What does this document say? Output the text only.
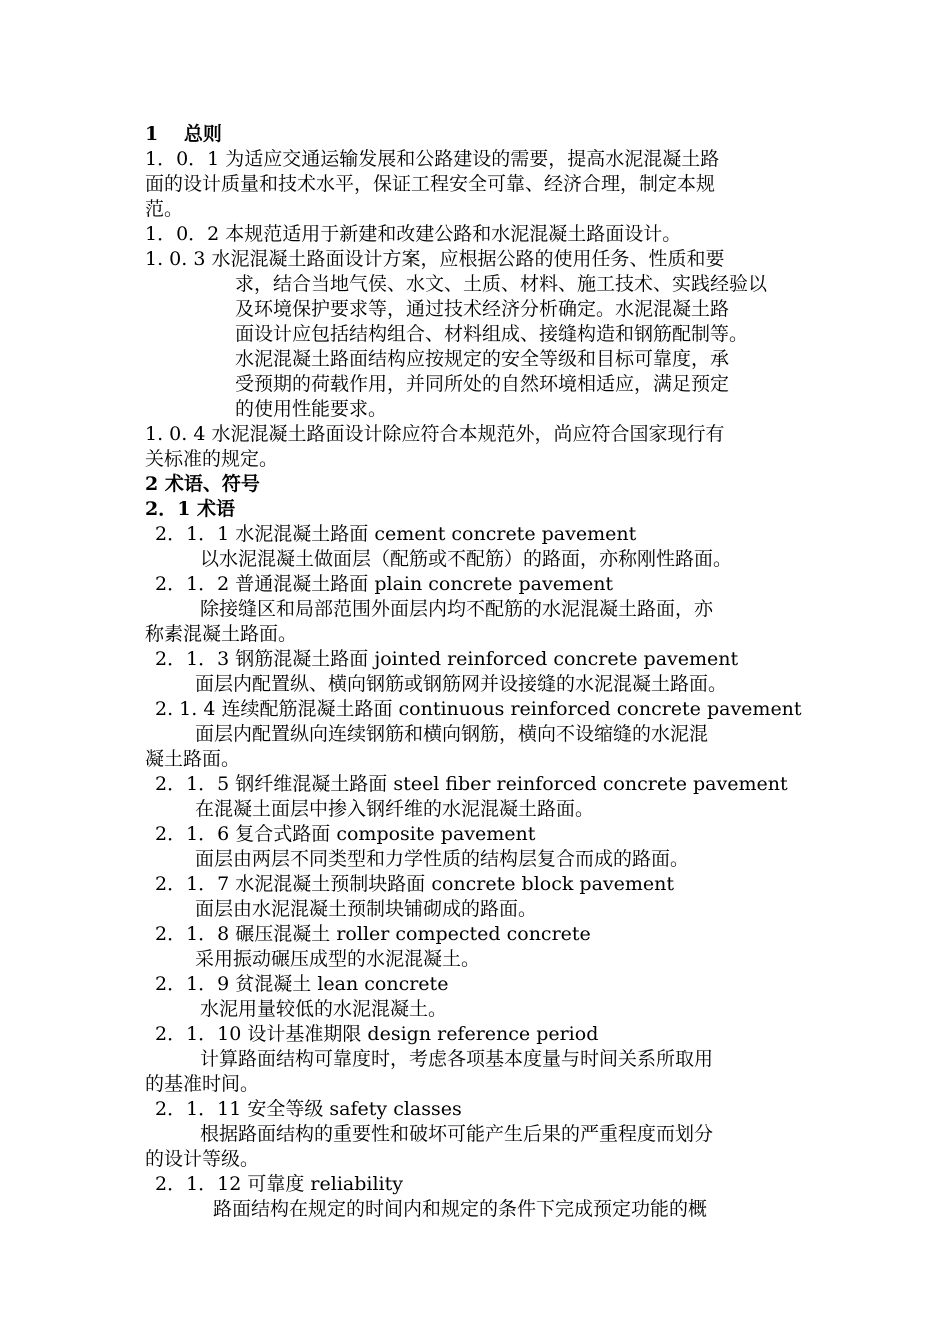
1　 总则
1．0．1 为适应交通运输发展和公路建设的需要，提高水泥混凝土路
面的设计质量和技术水平，保证工程安全可靠、经济合理，制定本规
范。
1．0．2 本规范适用于新建和改建公路和水泥混凝土路面设计。
1. 0. 3 水泥混凝土路面设计方案，应根据公路的使用任务、性质和要
求，结合当地气侯、水文、土质、材料、施工技术、实践经验以
及环境保护要求等，通过技术经济分析确定。水泥混凝土路
面设计应包括结构组合、材料组成、接缝构造和钢筋配制等。
水泥混凝土路面结构应按规定的安全等级和目标可靠度，承
受预期的荷载作用，并同所处的自然环境相适应，满足预定
的使用性能要求。
1. 0. 4 水泥混凝土路面设计除应符合本规范外，尚应符合国家现行有
关标准的规定。
2 术语、符号
2．1 术语
2．1．1 水泥混凝土路面 cement concrete pavement
以水泥混凝土做面层（配筋或不配筋）的路面，亦称刚性路面。
2．1．2 普通混凝土路面 plain concrete pavement
除接缝区和局部范围外面层内均不配筋的水泥混凝土路面，亦
称素混凝土路面。
2．1．3 钢筋混凝土路面 jointed reinforced concrete pavement
面层内配置纵、横向钢筋或钢筋网并设接缝的水泥混凝土路面。
2. 1. 4 连续配筋混凝土路面 continuous reinforced concrete pavement
面层内配置纵向连续钢筋和横向钢筋，横向不设缩缝的水泥混
凝土路面。
2．1．5 钢纤维混凝土路面 steel fiber reinforced concrete pavement
在混凝土面层中掺入钢纤维的水泥混凝土路面。
2．1．6 复合式路面 composite pavement
面层由两层不同类型和力学性质的结构层复合而成的路面。
2．1．7 水泥混凝土预制块路面 concrete block pavement
面层由水泥混凝土预制块铺砌成的路面。
2．1．8 碾压混凝土 roller compected concrete
采用振动碾压成型的水泥混凝土。
2．1．9 贫混凝土 lean concrete
水泥用量较低的水泥混凝土。
2．1．10 设计基准期限 design reference period
计算路面结构可靠度时，考虑各项基本度量与时间关系所取用
的基准时间。
2．1．11 安全等级 safety classes
根据路面结构的重要性和破坏可能产生后果的严重程度而划分
的设计等级。
2．1．12 可靠度 reliability
路面结构在规定的时间内和规定的条件下完成预定功能的概
